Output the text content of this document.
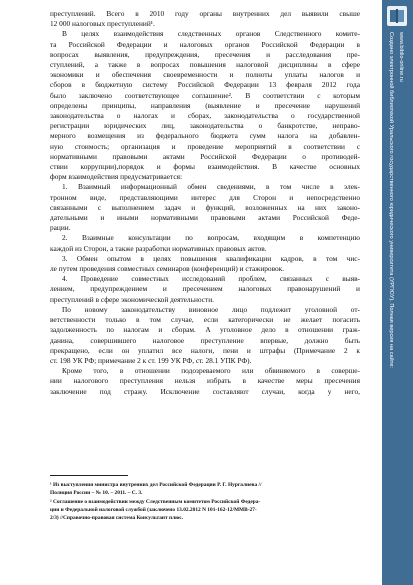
преступлений. Всего в 2010 году органы внутренних дел выявили свыше
12 000 налоговых преступлений¹.
В целях взаимодействия следственных органов Следственного комите-
та Российской Федерации и налоговых органов Российской Федерации в
вопросах выявления, предупреждения, пресечения и расследования пре-
ступлений, а также в вопросах повышения налоговой дисциплины в сфере
экономики и обеспечения своевременности и полноты уплаты налогов и
сборов в бюджетную систему Российской Федерации 13 февраля 2012 года
было заключено соответствующее соглашение². В соответствии с которым
определены принципы, направления (выявление и пресечение нарушений
законодательства о налогах и сборах, законодательства о государственной
регистрации юридических лиц, законодательства о банкротстве, неправо-
мерного возмещения из федерального бюджета сумм налога на добавлен-
ную стоимость; организация и проведение мероприятий в соответствии с
нормативными правовыми актами Российской Федерации о противодей-
ствии коррупции),порядок и формы взаимодействия. В качестве основных
форм взаимодействия предусматривается:
1. Взаимный информационный обмен сведениями, в том числе в элек-
тронном виде, представляющими интерес для Сторон и непосредственно
связанными с выполнением задач и функций, возложенных на них законо-
дательными и иными нормативными правовыми актами Российской Феде-
рации.
2. Взаимные консультации по вопросам, входящим в компетенцию
каждой из Сторон, а также разработки нормативных правовых актов.
3. Обмен опытом в целях повышения квалификации кадров, в том чис-
ле путем проведения совместных семинаров (конференций) и стажировок.
4. Проведение совместных исследований проблем, связанных с выяв-
лением, предупреждением и пресечением налоговых правонарушений и
преступлений в сфере экономической деятельности.
По новому законодательству виновное лицо подлежит уголовной от-
ветственности только в том случае, если категорически не желает погасить
задолженность по налогам и сборам. А уголовное дело в отношении граж-
данина, совершившего налоговое преступление впервые, должно быть
прекращено, если он уплатил все налоги, пени и штрафы (Примечание 2 к
ст. 198 УК РФ; примечание 2 к ст. 199 УК РФ, ст. 28.1 УПК РФ).
Кроме того, в отношении подозреваемого или обвиняемого в соверше-
нии налогового преступления нельзя избрать в качестве меры пресечения
заключение под стражу. Исключение составляют случаи, когда у него,
¹ Из выступления министра внутренних дел Российской Федерации Р. Г. Нургалиева //
Полиция России – № 10. – 2011. – С. 3.
² Соглашение о взаимодействии между Следственным комитетом Российской Федера-
ции и Федеральной налоговой службой (заключено 13.02.2012 N 101-162-12/ММВ-27-
2/3) //Справочно-правовая система Консультант плюс.
Создано электронной библиотекой Уральского государственного юридического университета (УРГЮУ). Полная версия на сайте: www.biblio-online.ru
